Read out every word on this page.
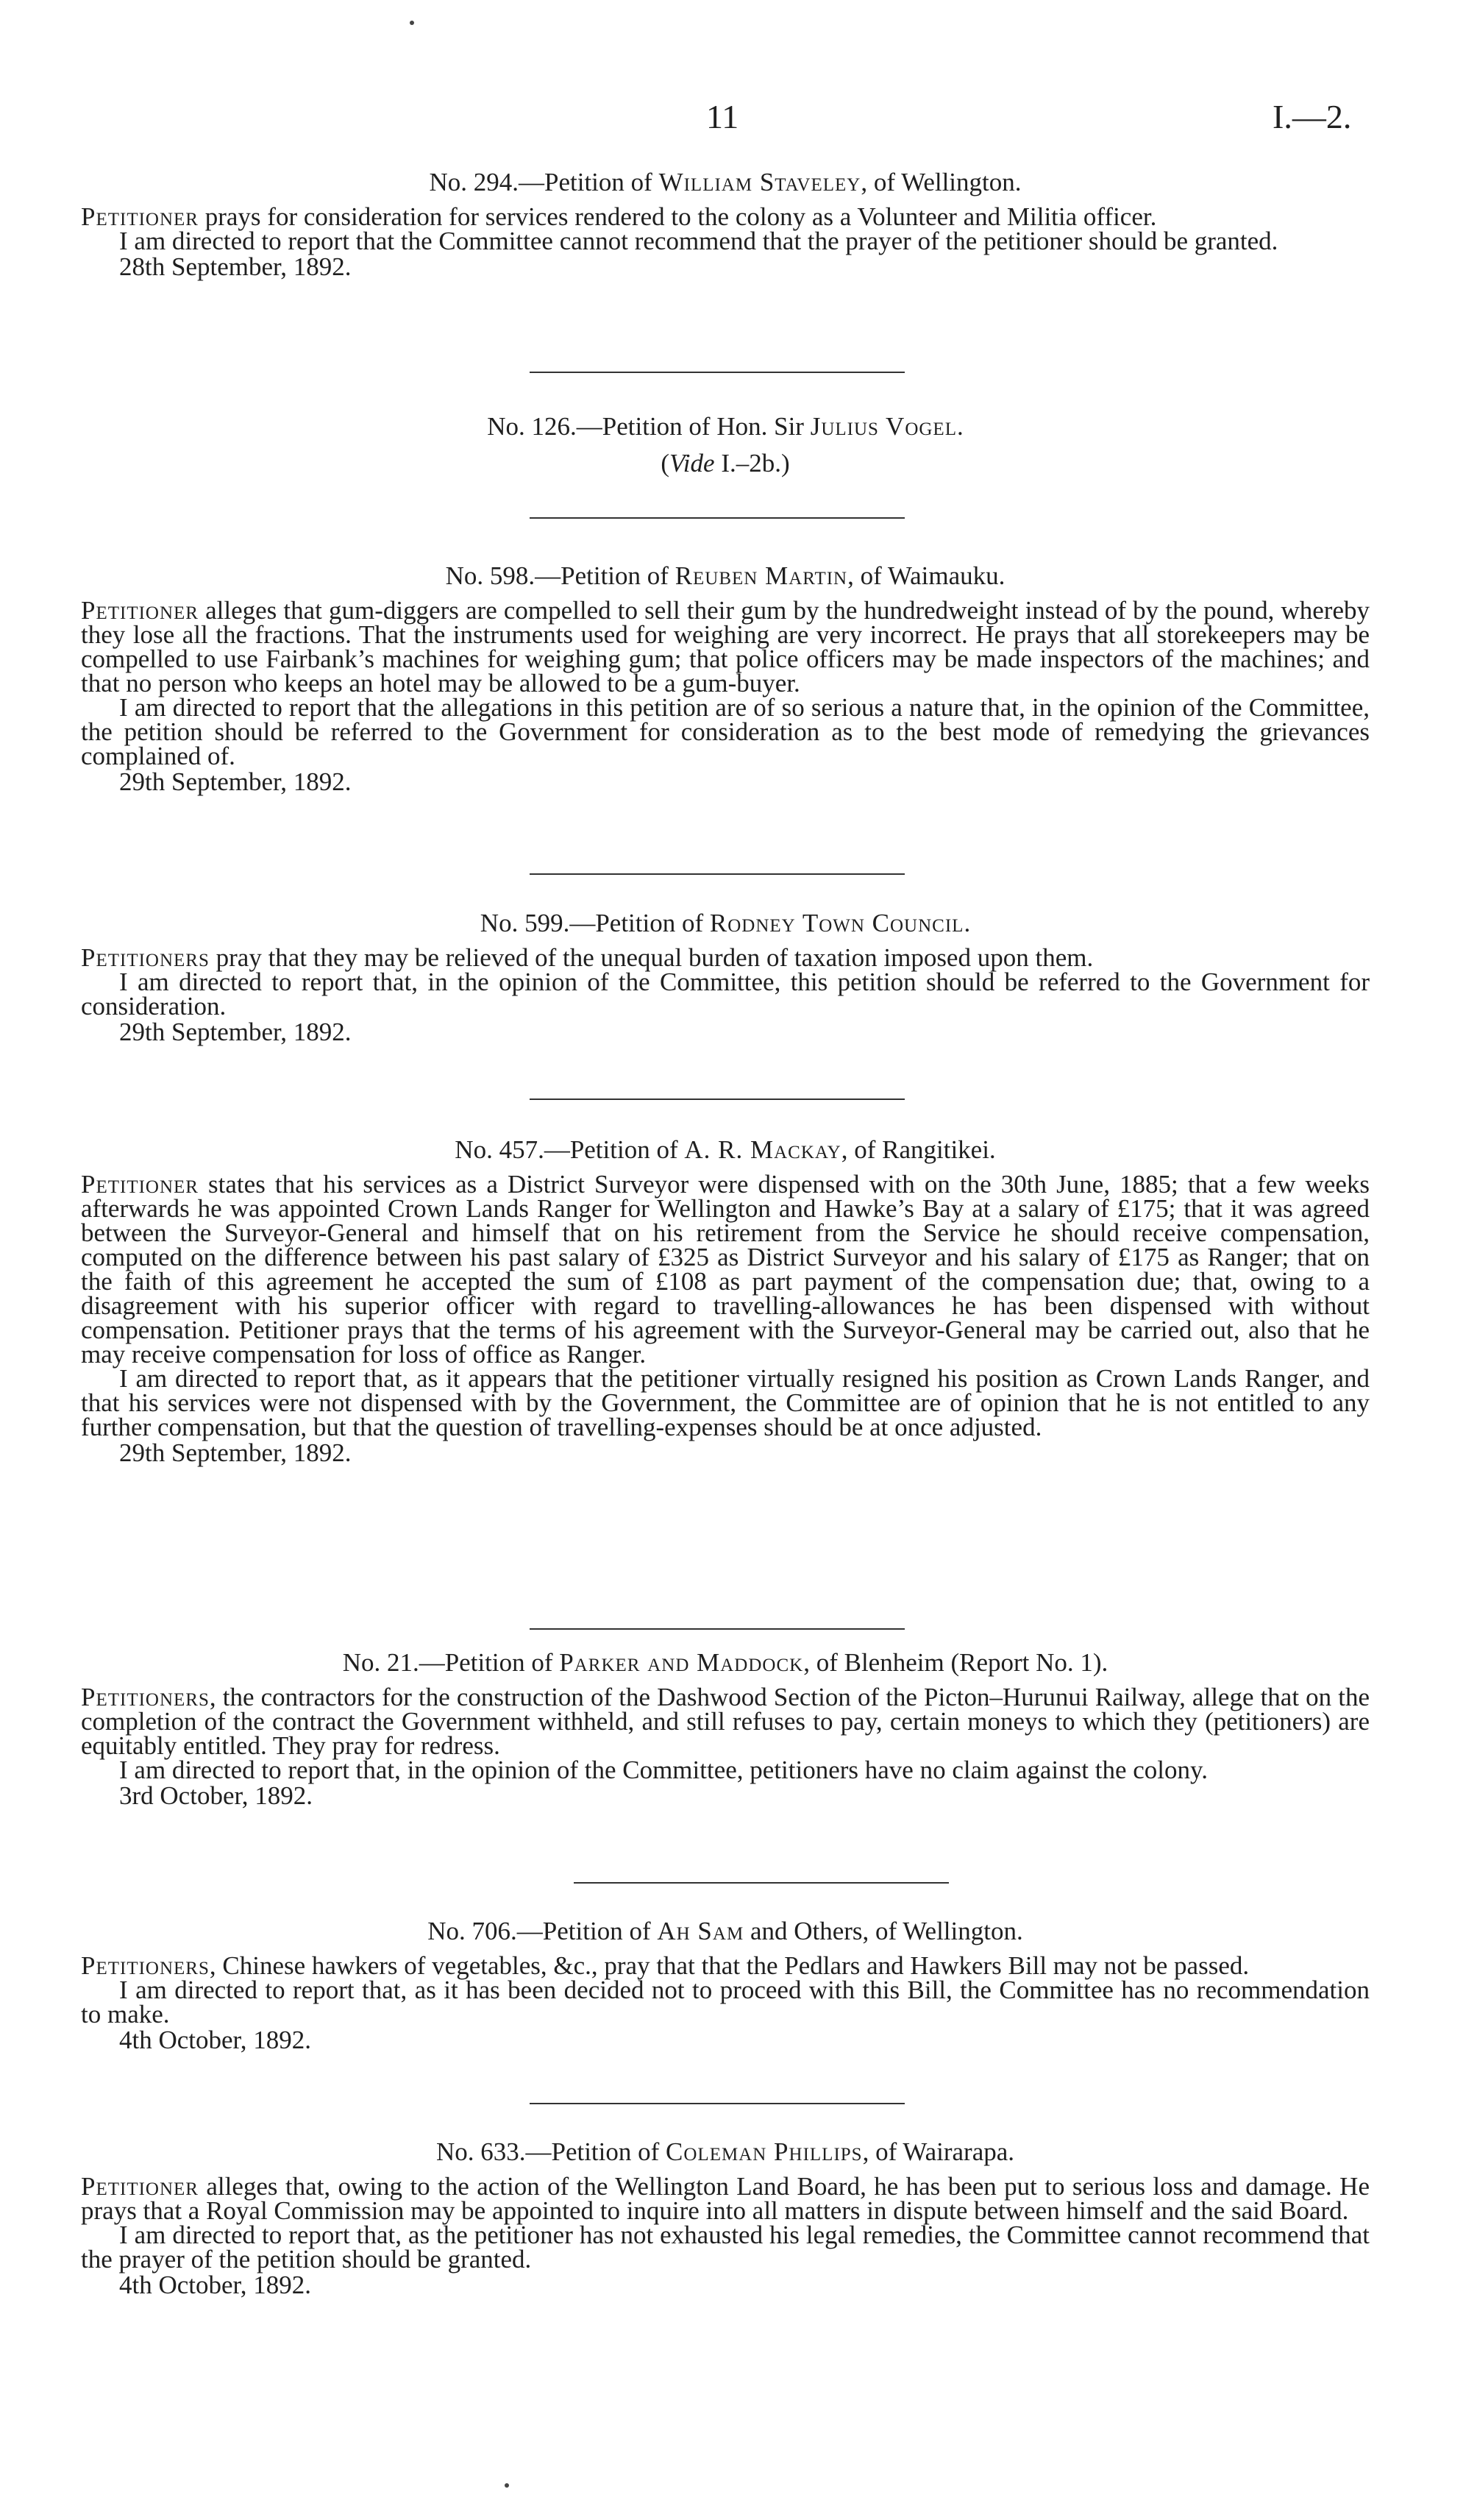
11	I.—2.

No. 294.—Petition of William Staveley, of Wellington.

Petitioner prays for consideration for services rendered to the colony as a Volunteer and Militia officer.

I am directed to report that the Committee cannot recommend that the prayer of the petitioner should be granted.

28th September, 1892.

No. 126.—Petition of Hon. Sir Julius Vogel.

(Vide I.–2b.)

No. 598.—Petition of Reuben Martin, of Waimauku.

Petitioner alleges that gum-diggers are compelled to sell their gum by the hundredweight instead of by the pound, whereby they lose all the fractions. That the instruments used for weighing are very incorrect. He prays that all storekeepers may be compelled to use Fairbank’s machines for weighing gum; that police officers may be made inspectors of the machines; and that no person who keeps an hotel may be allowed to be a gum-buyer.

I am directed to report that the allegations in this petition are of so serious a nature that, in the opinion of the Committee, the petition should be referred to the Government for consideration as to the best mode of remedying the grievances complained of.

29th September, 1892.

No. 599.—Petition of Rodney Town Council.

Petitioners pray that they may be relieved of the unequal burden of taxation imposed upon them.

I am directed to report that, in the opinion of the Committee, this petition should be referred to the Government for consideration.

29th September, 1892.

No. 457.—Petition of A. R. Mackay, of Rangitikei.

Petitioner states that his services as a District Surveyor were dispensed with on the 30th June, 1885; that a few weeks afterwards he was appointed Crown Lands Ranger for Wellington and Hawke’s Bay at a salary of £175; that it was agreed between the Surveyor-General and himself that on his retirement from the Service he should receive compensation, computed on the difference between his past salary of £325 as District Surveyor and his salary of £175 as Ranger; that on the faith of this agreement he accepted the sum of £108 as part payment of the compensation due; that, owing to a disagreement with his superior officer with regard to travelling-allowances he has been dispensed with without compensation. Petitioner prays that the terms of his agreement with the Surveyor-General may be carried out, also that he may receive compensation for loss of office as Ranger.

I am directed to report that, as it appears that the petitioner virtually resigned his position as Crown Lands Ranger, and that his services were not dispensed with by the Government, the Committee are of opinion that he is not entitled to any further compensation, but that the question of travelling-expenses should be at once adjusted.

29th September, 1892.

No. 21.—Petition of Parker and Maddock, of Blenheim (Report No. 1).

Petitioners, the contractors for the construction of the Dashwood Section of the Picton–Hurunui Railway, allege that on the completion of the contract the Government withheld, and still refuses to pay, certain moneys to which they (petitioners) are equitably entitled. They pray for redress.

I am directed to report that, in the opinion of the Committee, petitioners have no claim against the colony.

3rd October, 1892.

No. 706.—Petition of Ah Sam and Others, of Wellington.

Petitioners, Chinese hawkers of vegetables, &c., pray that that the Pedlars and Hawkers Bill may not be passed.

I am directed to report that, as it has been decided not to proceed with this Bill, the Committee has no recommendation to make.

4th October, 1892.

No. 633.—Petition of Coleman Phillips, of Wairarapa.

Petitioner alleges that, owing to the action of the Wellington Land Board, he has been put to serious loss and damage. He prays that a Royal Commission may be appointed to inquire into all matters in dispute between himself and the said Board.

I am directed to report that, as the petitioner has not exhausted his legal remedies, the Committee cannot recommend that the prayer of the petition should be granted.

4th October, 1892.
